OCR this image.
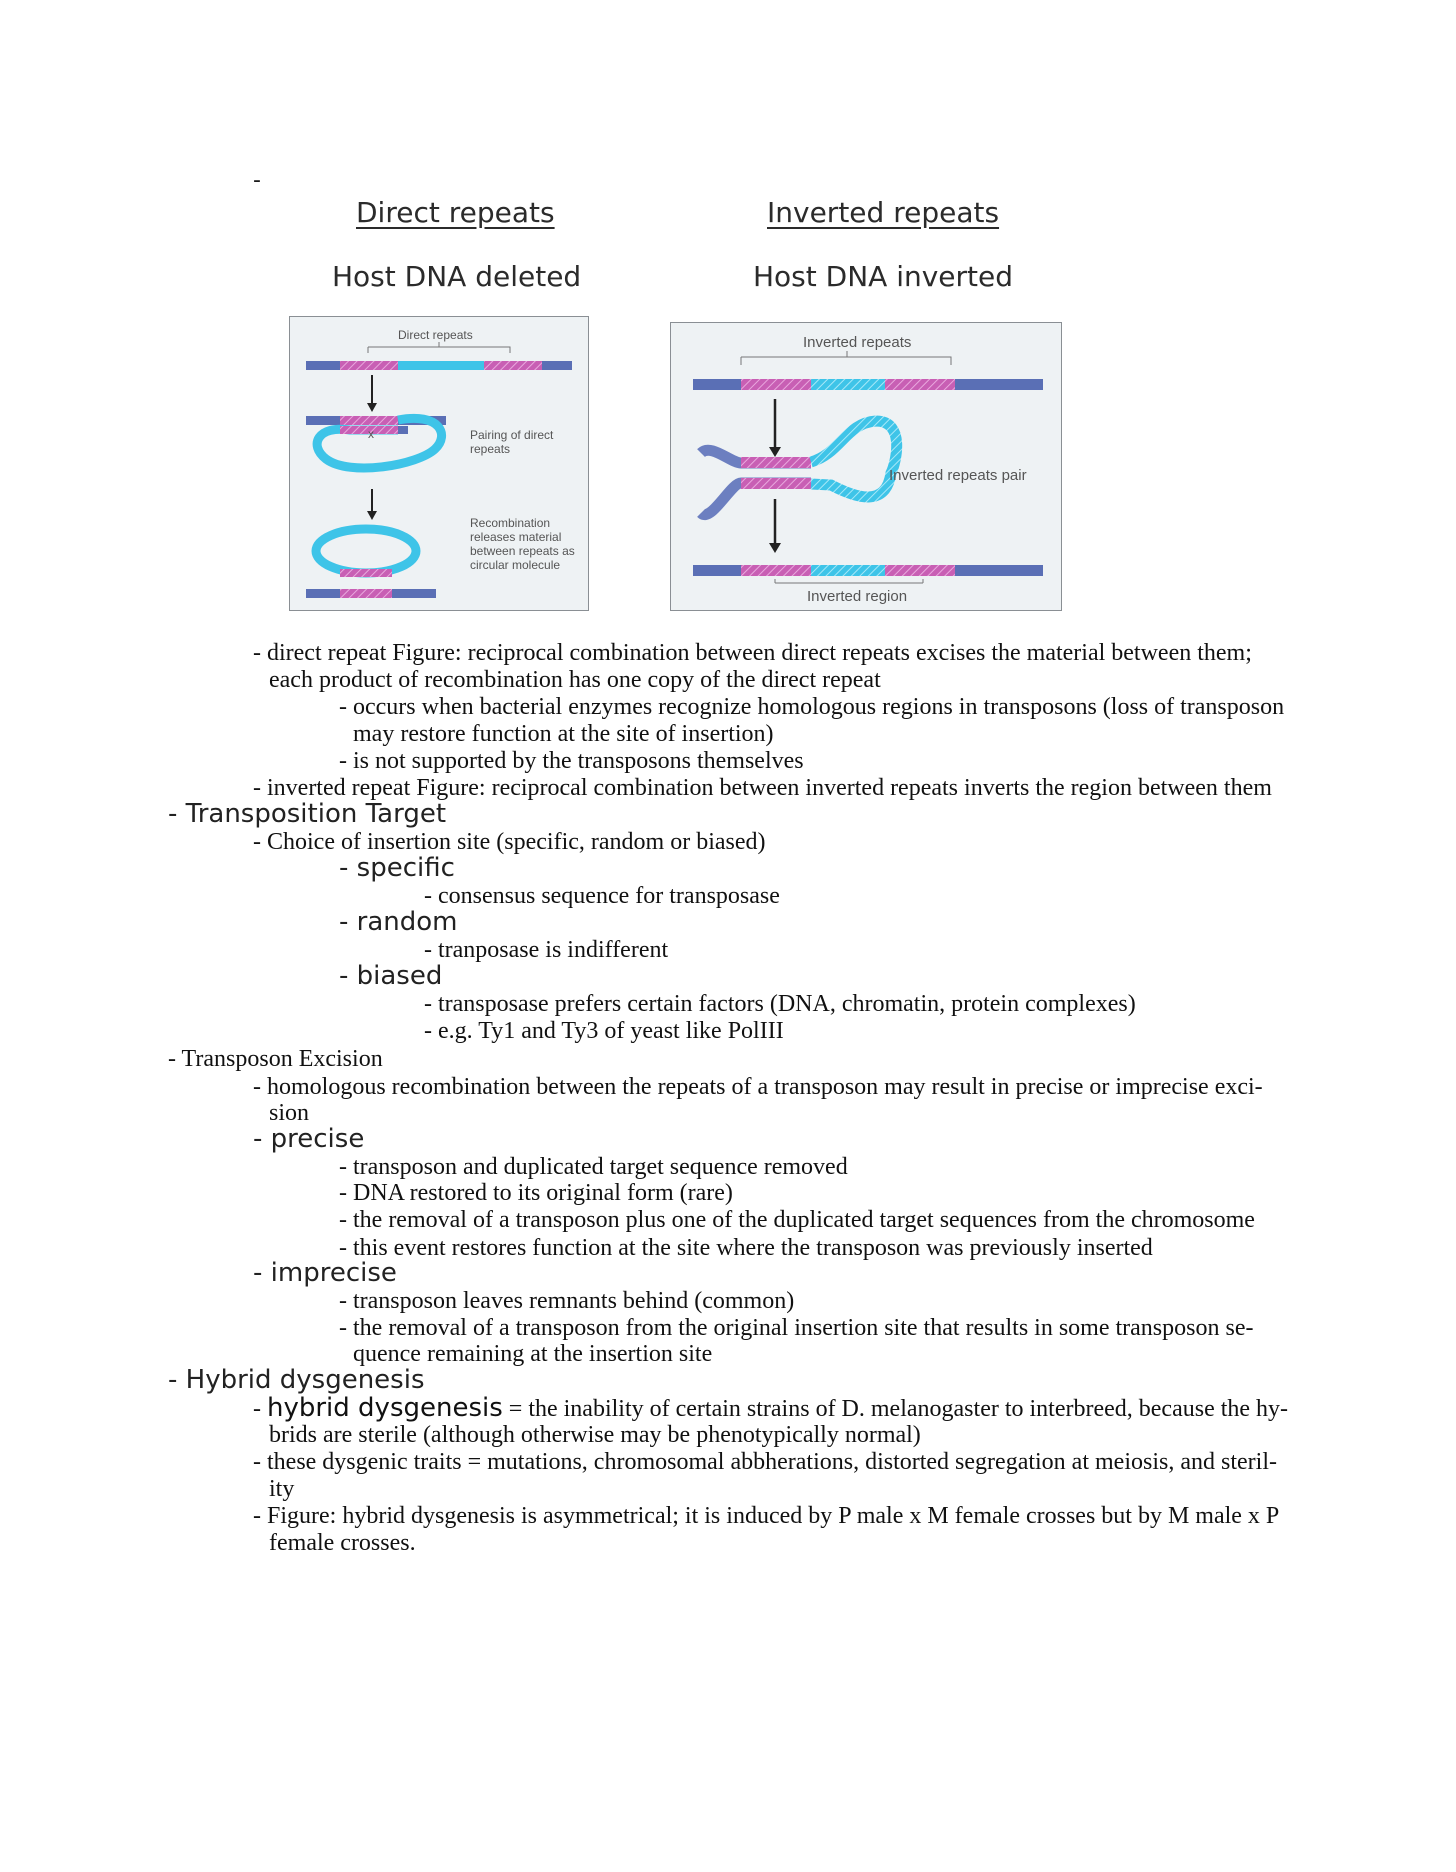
-
Direct repeats	Inverted repeats
Host DNA deleted	Host DNA inverted
Direct repeats
x	Pairing of direct
repeats
Recombination
releases material
between repeats as
circular molecule
Inverted repeats
Inverted repeats pair
Inverted region
- direct repeat Figure: reciprocal combination between direct repeats excises the material between them;
each product of recombination has one copy of the direct repeat
- occurs when bacterial enzymes recognize homologous regions in transposons (loss of transposon
may restore function at the site of insertion)
- is not supported by the transposons themselves
- inverted repeat Figure: reciprocal combination between inverted repeats inverts the region between them
- Transposition Target
- Choice of insertion site (specific, random or biased)
- specific
- consensus sequence for transposase
- random
- tranposase is indifferent
- biased
- transposase prefers certain factors (DNA, chromatin, protein complexes)
- e.g. Ty1 and Ty3 of yeast like PolIII
- Transposon Excision
- homologous recombination between the repeats of a transposon may result in precise or imprecise exci-
sion
- precise
- transposon and duplicated target sequence removed
- DNA restored to its original form (rare)
- the removal of a transposon plus one of the duplicated target sequences from the chromosome
- this event restores function at the site where the transposon was previously inserted
- imprecise
- transposon leaves remnants behind (common)
- the removal of a transposon from the original insertion site that results in some transposon se-
quence remaining at the insertion site
- Hybrid dysgenesis
- hybrid dysgenesis = the inability of certain strains of D. melanogaster to interbreed, because the hy-
brids are sterile (although otherwise may be phenotypically normal)
- these dysgenic traits = mutations, chromosomal abbherations, distorted segregation at meiosis, and steril-
ity
- Figure: hybrid dysgenesis is asymmetrical; it is induced by P male x M female crosses but by M male x P
female crosses.
